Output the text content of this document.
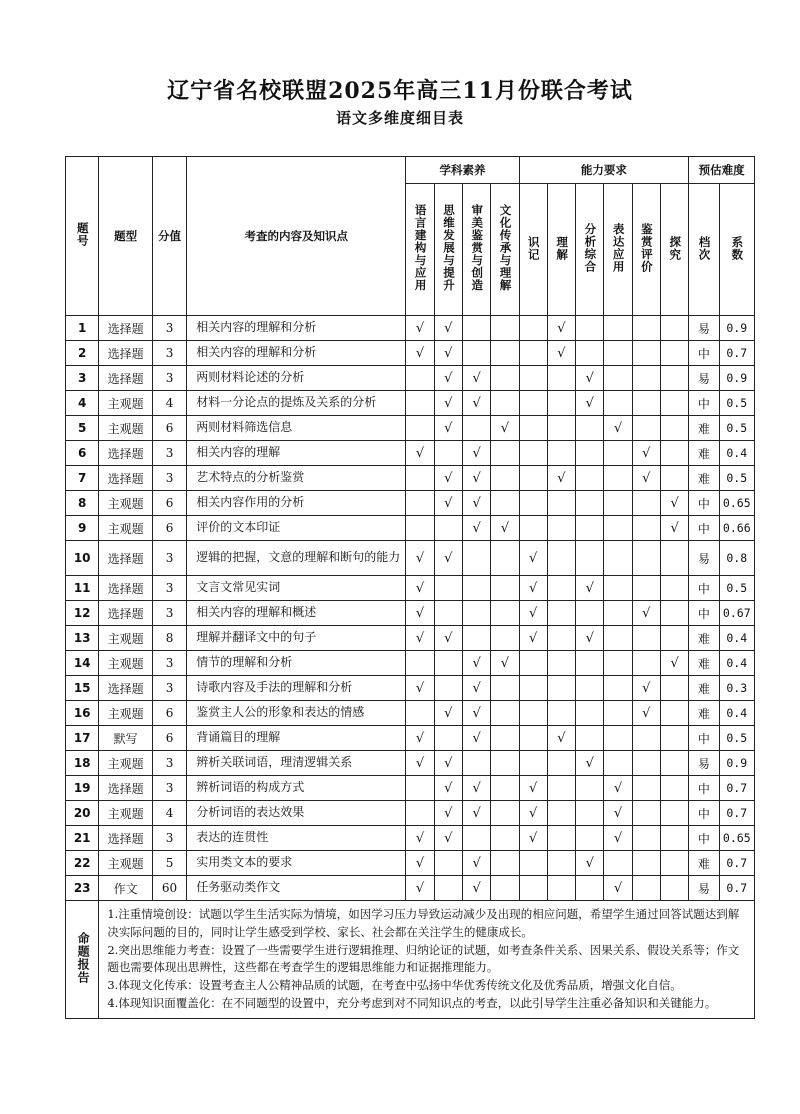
辽宁省名校联盟2025年高三11月份联合考试
语文多维度细目表
题号	题型	分值	考查的内容及知识点	学科素养				能力要求						预估难度	
				语言建构与应用	思维发展与提升	审美鉴赏与创造	文化传承与理解	识记	理解	分析综合	表达应用	鉴赏评价	探究	档次	系数
1	选择题	3	相关内容的理解和分析	√	√				√					易	0.9
2	选择题	3	相关内容的理解和分析	√	√				√					中	0.7
3	选择题	3	两则材料论述的分析		√	√				√				易	0.9
4	主观题	4	材料一分论点的提炼及关系的分析		√	√				√				中	0.5
5	主观题	6	两则材料筛选信息		√		√				√			难	0.5
6	选择题	3	相关内容的理解	√		√						√		难	0.4
7	选择题	3	艺术特点的分析鉴赏		√	√			√			√		难	0.5
8	主观题	6	相关内容作用的分析		√	√							√	中	0.65
9	主观题	6	评价的文本印证			√	√						√	中	0.66
10	选择题	3	逻辑的把握，文意的理解和断句的能力	√	√			√						易	0.8
11	选择题	3	文言文常见实词	√				√		√				中	0.5
12	选择题	3	相关内容的理解和概述	√				√				√		中	0.67
13	主观题	8	理解并翻译文中的句子	√	√			√		√				难	0.4
14	主观题	3	情节的理解和分析			√	√						√	难	0.4
15	选择题	3	诗歌内容及手法的理解和分析	√		√						√		难	0.3
16	主观题	6	鉴赏主人公的形象和表达的情感		√	√						√		难	0.4
17	默写	6	背诵篇目的理解	√		√			√					中	0.5
18	主观题	3	辨析关联词语，理清逻辑关系	√	√					√				易	0.9
19	选择题	3	辨析词语的构成方式		√	√		√			√			中	0.7
20	主观题	4	分析词语的表达效果		√	√		√			√			中	0.7
21	选择题	3	表达的连贯性	√	√			√			√			中	0.65
22	主观题	5	实用类文本的要求	√		√				√				难	0.7
23	作文	60	任务驱动类作文	√		√					√			易	0.7
命题报告	1.注重情境创设：试题以学生生活实际为情境，如因学习压力导致运动减少及出现的相应问题，希望学生通过回答试题达到解决实际问题的目的，同时让学生感受到学校、家长、社会都在关注学生的健康成长。

2.突出思维能力考查：设置了一些需要学生进行逻辑推理、归纳论证的试题，如考查条件关系、因果关系、假设关系等；作文题也需要体现出思辨性，这些都在考查学生的逻辑思维能力和证据推理能力。

3.体现文化传承：设置考查主人公精神品质的试题，在考查中弘扬中华优秀传统文化及优秀品质，增强文化自信。

4.体现知识面覆盖化：在不同题型的设置中，充分考虑到对不同知识点的考查，以此引导学生注重必备知识和关键能力。														
